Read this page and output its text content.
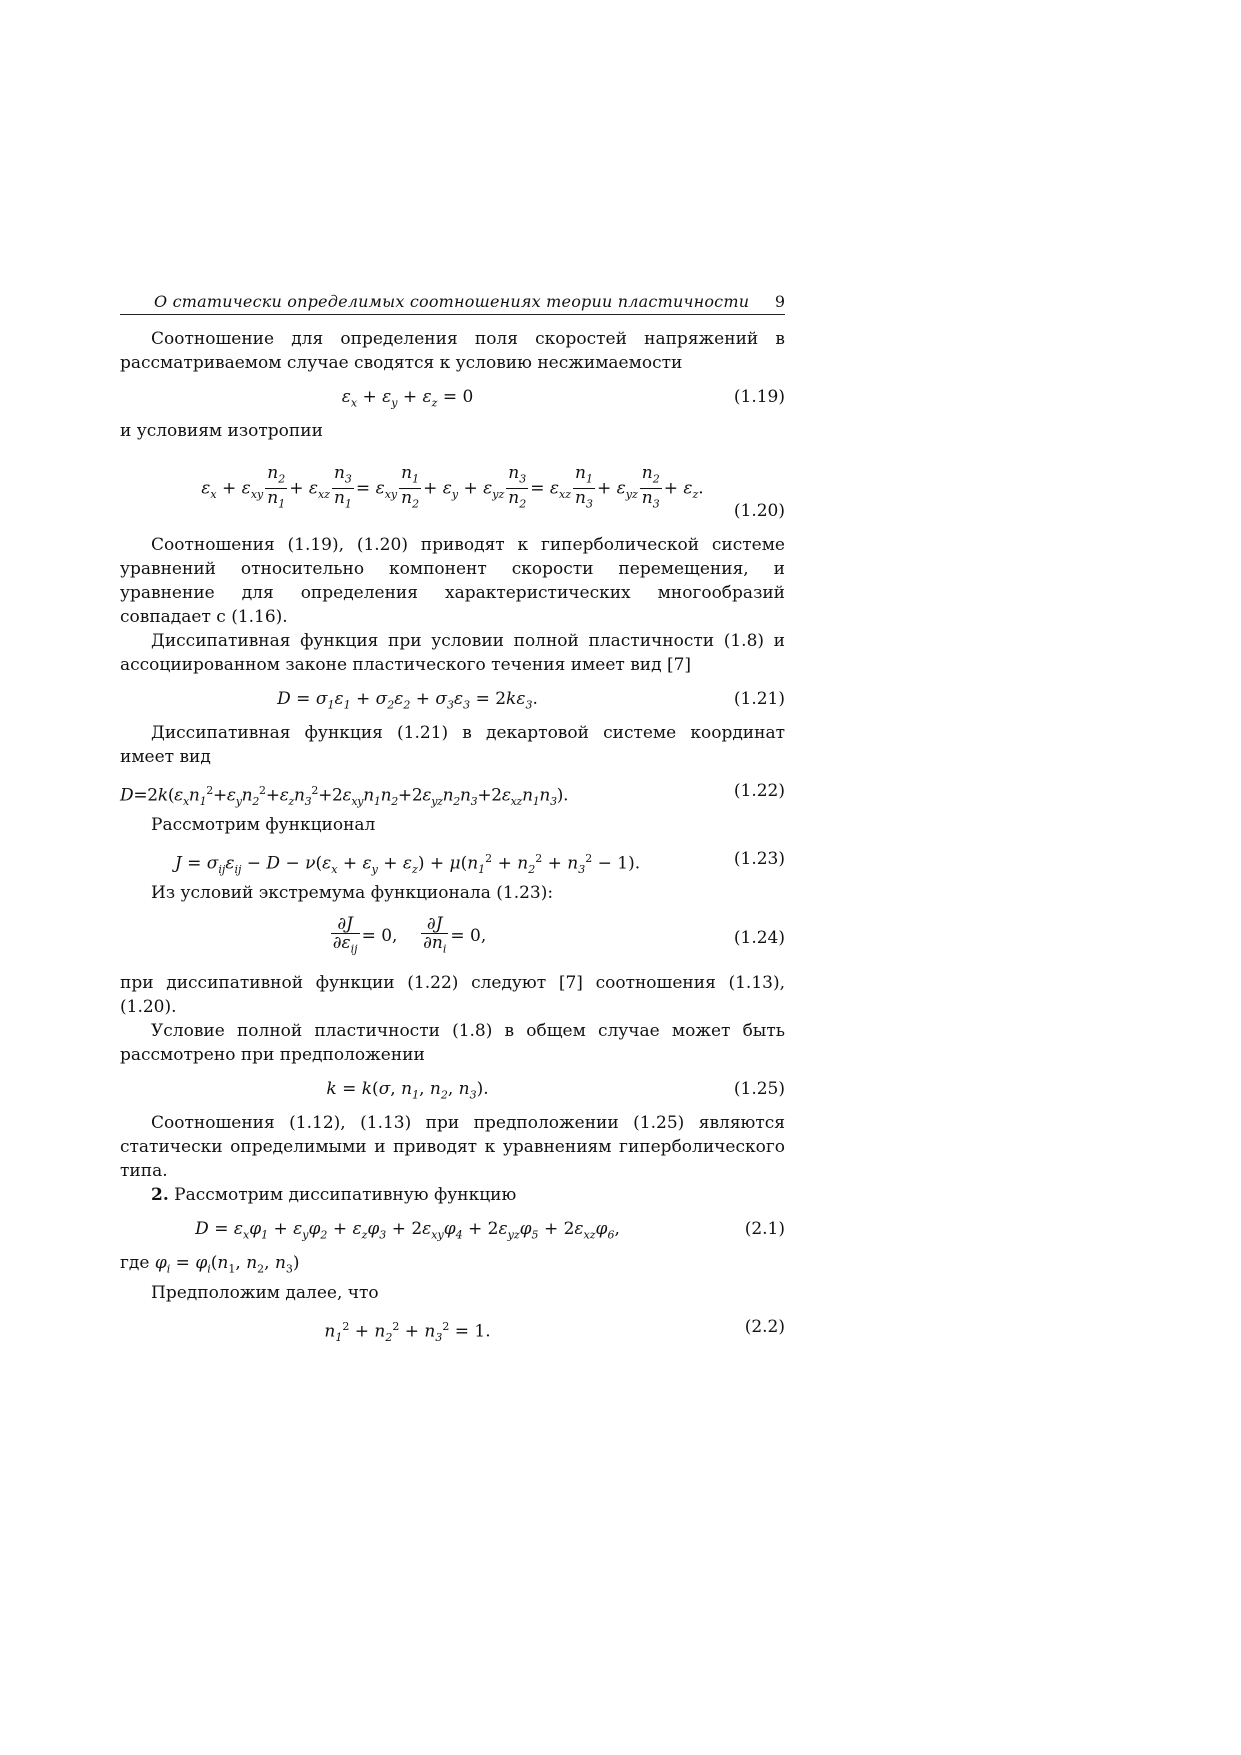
О статически определимых соотношениях теории пластичности 9

Соотношение для определения поля скоростей напряжений в рассматриваемом случае сводятся к условию несжимаемости

$\varepsilon_x + \varepsilon_y + \varepsilon_z = 0$	(1.19)

и условиям изотропии

$\varepsilon_x + \varepsilon_{xy} \frac{n_2}{n_1} + \varepsilon_{xz} \frac{n_3}{n_1} = \varepsilon_{xy} \frac{n_1}{n_2} + \varepsilon_y + \varepsilon_{yz} \frac{n_3}{n_2} = \varepsilon_{xz} \frac{n_1}{n_3} + \varepsilon_{yz} \frac{n_2}{n_3} + \varepsilon_z$.
(1.20)

Соотношения (1.19), (1.20) приводят к гиперболической системе уравнений относительно компонент скорости перемещения, и уравнение для определения характеристических многообразий совпадает с (1.16).

Диссипативная функция при условии полной пластичности (1.8) и ассоциированном законе пластического течения имеет вид [7]

$D = \sigma_1\varepsilon_1 + \sigma_2\varepsilon_2 + \sigma_3\varepsilon_3 = 2k\varepsilon_3$.	(1.21)

Диссипативная функция (1.21) в декартовой системе координат имеет вид

$D=2k(\varepsilon_xn_1^2+\varepsilon_yn_2^2+\varepsilon_zn_3^2+2\varepsilon_{xy}n_1n_2+2\varepsilon_{yz}n_2n_3+2\varepsilon_{xz}n_1n_3)$.	(1.22)

Рассмотрим функционал

$J = \sigma_{ij}\varepsilon_{ij} - D - \nu(\varepsilon_x + \varepsilon_y + \varepsilon_z) + \mu(n_1^2 + n_2^2 + n_3^2 - 1)$.	(1.23)

Из условий экстремума функционала (1.23):

$\frac{\partial J}{\partial\varepsilon_{ij}} = 0$, $\frac{\partial J}{\partial n_i} = 0$,	(1.24)

при диссипативной функции (1.22) следуют [7] соотношения (1.13), (1.20).

Условие полной пластичности (1.8) в общем случае может быть рассмотрено при предположении

k = k(σ, $n_1$, $n_2$, $n_3$).	(1.25)

Соотношения (1.12), (1.13) при предположении (1.25) являются статически определимыми и приводят к уравнениям гиперболического типа.

2. Рассмотрим диссипативную функцию

$D = \varepsilon_x\varphi_1 + \varepsilon_y\varphi_2 + \varepsilon_z\varphi_3 + 2\varepsilon_{xy}\varphi_4 + 2\varepsilon_{yz}\varphi_5 + 2\varepsilon_{xz}\varphi_6$,	(2.1)

где $\varphi_i = \varphi_i(n_1$, $n_2$, $n_3$)

Предположим далее, что

$n_1^2 + n_2^2 + n_3^2 = 1$.	(2.2)
